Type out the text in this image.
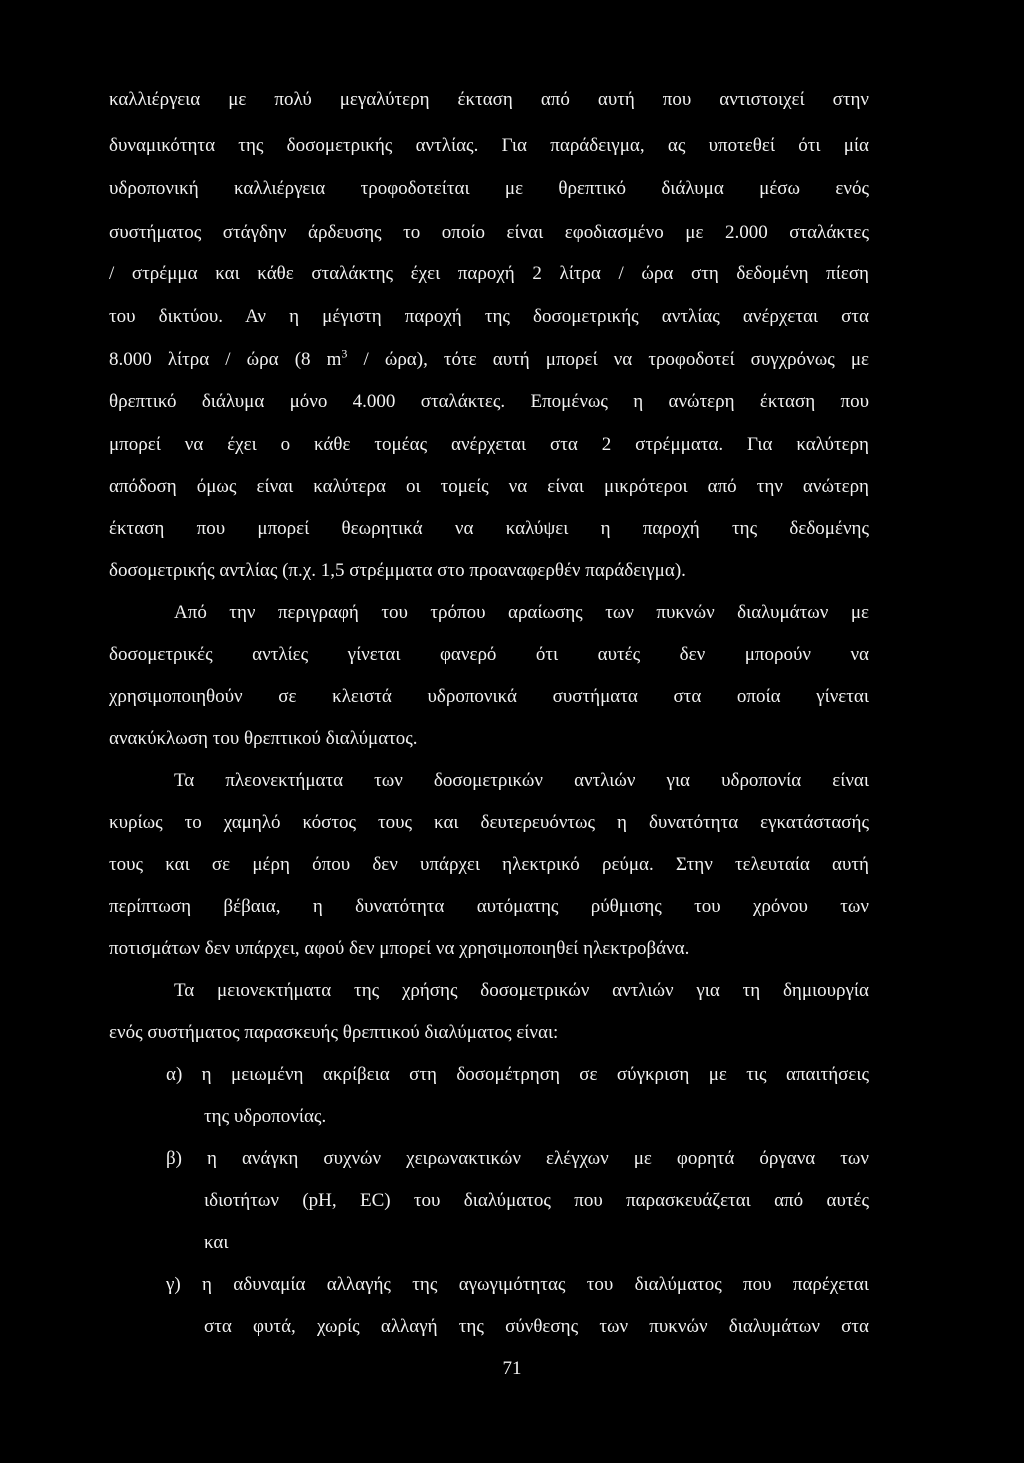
καλλιέργεια με πολύ μεγαλύτερη έκταση από αυτή που αντιστοιχεί στην
δυναμικότητα της δοσομετρικής αντλίας. Για παράδειγμα, ας υποτεθεί ότι μία
υδροπονική καλλιέργεια τροφοδοτείται με θρεπτικό διάλυμα μέσω ενός
συστήματος στάγδην άρδευσης το οποίο είναι εφοδιασμένο με 2.000 σταλάκτες
/ στρέμμα και κάθε σταλάκτης έχει παροχή 2 λίτρα / ώρα στη δεδομένη πίεση
του δικτύου. Αν η μέγιστη παροχή της δοσομετρικής αντλίας ανέρχεται στα
8.000 λίτρα / ώρα (8 $m^3 / ώ\rho\alpha$), τότε αυτή μπορεί να τροφοδοτεί συγχρόνως με
θρεπτικό διάλυμα μόνο 4.000 σταλάκτες. Επομένως η ανώτερη έκταση που
μπορεί να έχει ο κάθε τομέας ανέρχεται στα 2 στρέμματα. Για καλύτερη
απόδοση όμως είναι καλύτερα οι τομείς να είναι μικρότεροι από την ανώτερη
έκταση που μπορεί θεωρητικά να καλύψει η παροχή της δεδομένης
δοσομετρικής αντλίας (π.χ. 1,5 στρέμματα στο προαναφερθέν παράδειγμα).
Από την περιγραφή του τρόπου αραίωσης των πυκνών διαλυμάτων με
δοσομετρικές αντλίες γίνεται φανερό ότι αυτές δεν μπορούν να
χρησιμοποιηθούν σε κλειστά υδροπονικά συστήματα στα οποία γίνεται
ανακύκλωση του θρεπτικού διαλύματος.
Τα πλεονεκτήματα των δοσομετρικών αντλιών για υδροπονία είναι
κυρίως το χαμηλό κόστος τους και δευτερευόντως η δυνατότητα εγκατάστασής
τους και σε μέρη όπου δεν υπάρχει ηλεκτρικό ρεύμα. Στην τελευταία αυτή
περίπτωση βέβαια, η δυνατότητα αυτόματης ρύθμισης του χρόνου των
ποτισμάτων δεν υπάρχει, αφού δεν μπορεί να χρησιμοποιηθεί ηλεκτροβάνα.
Τα μειονεκτήματα της χρήσης δοσομετρικών αντλιών για τη δημιουργία
ενός συστήματος παρασκευής θρεπτικού διαλύματος είναι:
α) η μειωμένη ακρίβεια στη δοσομέτρηση σε σύγκριση με τις απαιτήσεις
της υδροπονίας.
β) η ανάγκη συχνών χειρωνακτικών ελέγχων με φορητά όργανα των
ιδιοτήτων (pH, EC) του διαλύματος που παρασκευάζεται από αυτές
και
γ) η αδυναμία αλλαγής της αγωγιμότητας του διαλύματος που παρέχεται
στα φυτά, χωρίς αλλαγή της σύνθεσης των πυκνών διαλυμάτων στα
71
